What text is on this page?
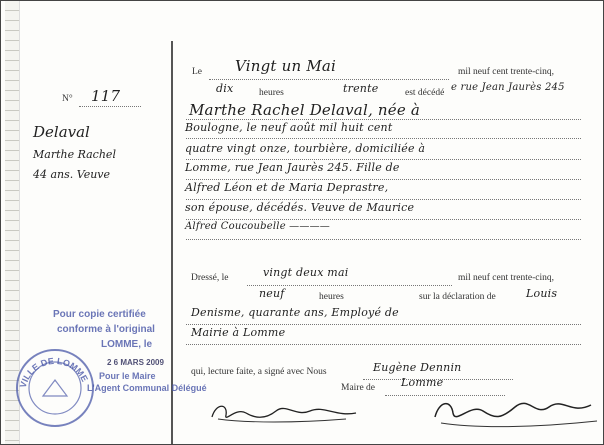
N° 117
Delaval
Marthe Rachel
44 ans. Veuve
Le Vingt un Mai	mil neuf cent trente-cinq,
dix	heures	trente	est décédé e rue Jean Jaurès 245
Marthe Rachel Delaval, née à
Boulogne, le neuf août mil huit cent
quatre vingt onze, tourbière, domiciliée à
Lomme, rue Jean Jaurès 245. Fille de
Alfred Léon et de Maria Deprastre,
son épouse, décédés. Veuve de Maurice
Alfred Coucoubelle ————
Dressé, le	vingt deux mai	mil neuf cent trente-cinq,
neuf	heures	sur la déclaration de	Louis
Denisme, quarante ans, Employé de
Mairie à Lomme
qui, lecture faite, a signé avec Nous	Eugène Dennin
Maire de Lomme
Pour copie certifiée
conforme à l'original
LOMME, le
2 6 MARS 2009
Pour le Maire
L'Agent Communal Délégué
VILLE DE LOMME
